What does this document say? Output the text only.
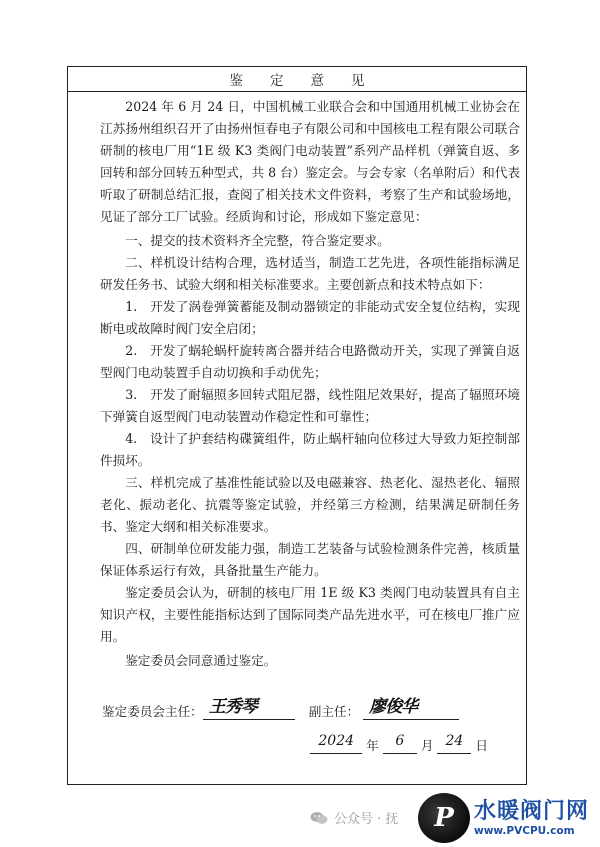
鉴　　定　　意　　见

2024 年 6 月 24 日，中国机械工业联合会和中国通用机械工业协会在江苏扬州组织召开了由扬州恒春电子有限公司和中国核电工程有限公司联合研制的核电厂用“1E 级 K3 类阀门电动装置”系列产品样机（弹簧自返、多回转和部分回转五种型式，共 8 台）鉴定会。与会专家（名单附后）和代表听取了研制总结汇报，查阅了相关技术文件资料，考察了生产和试验场地，见证了部分工厂试验。经质询和讨论，形成如下鉴定意见：

一、提交的技术资料齐全完整，符合鉴定要求。

二、样机设计结构合理，选材适当，制造工艺先进，各项性能指标满足研发任务书、试验大纲和相关标准要求。主要创新点和技术特点如下：

1.　开发了涡卷弹簧蓄能及制动器锁定的非能动式安全复位结构，实现断电或故障时阀门安全启闭；

2.　开发了蜗轮蜗杆旋转离合器并结合电路微动开关，实现了弹簧自返型阀门电动装置手自动切换和手动优先；

3.　开发了耐辐照多回转式阻尼器，线性阻尼效果好，提高了辐照环境下弹簧自返型阀门电动装置动作稳定性和可靠性；

4.　设计了护套结构碟簧组件，防止蜗杆轴向位移过大导致力矩控制部件损坏。

三、样机完成了基准性能试验以及电磁兼容、热老化、湿热老化、辐照老化、振动老化、抗震等鉴定试验，并经第三方检测，结果满足研制任务书、鉴定大纲和相关标准要求。

四、研制单位研发能力强，制造工艺装备与试验检测条件完善，核质量保证体系运行有效，具备批量生产能力。

鉴定委员会认为，研制的核电厂用 1E 级 K3 类阀门电动装置具有自主知识产权，主要性能指标达到了国际同类产品先进水平，可在核电厂推广应用。

鉴定委员会同意通过鉴定。

鉴定委员会主任： 王秀琴	副主任： 廖俊华
2024 年	6	月 24 日
公众号 · 抚	P 水暖阀门网
www.PVCPU.com
